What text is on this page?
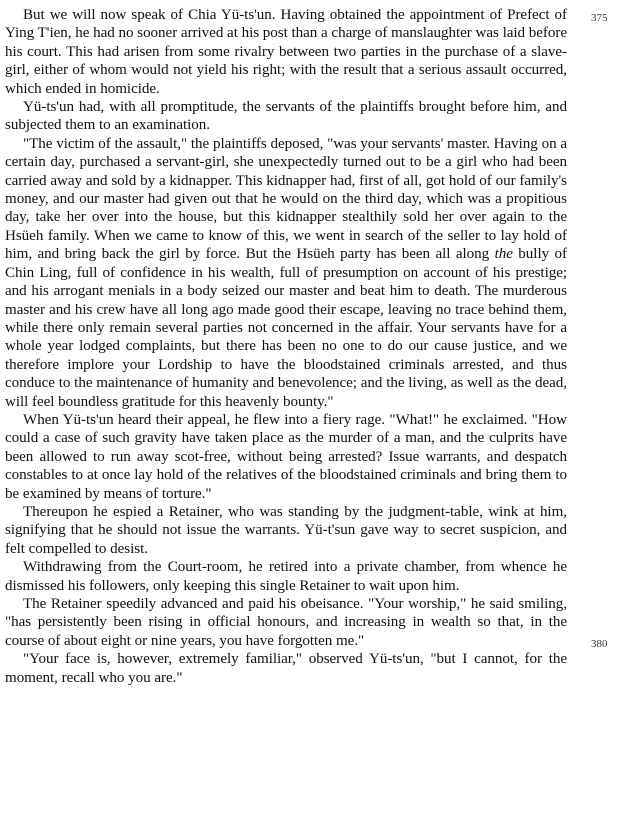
375
380

But we will now speak of Chia Yü-ts'un. Having obtained the appointment of Prefect of Ying T'ien, he had no sooner arrived at his post than a charge of manslaughter was laid before his court. This had arisen from some rivalry between two parties in the purchase of a slave-girl, either of whom would not yield his right; with the result that a serious assault occurred, which ended in homicide.

Yü-ts'un had, with all promptitude, the servants of the plaintiffs brought before him, and subjected them to an examination.

"The victim of the assault," the plaintiffs deposed, "was your servants' master. Having on a certain day, purchased a servant-girl, she unexpectedly turned out to be a girl who had been carried away and sold by a kidnapper. This kidnapper had, first of all, got hold of our family's money, and our master had given out that he would on the third day, which was a propitious day, take her over into the house, but this kidnapper stealthily sold her over again to the Hsüeh family. When we came to know of this, we went in search of the seller to lay hold of him, and bring back the girl by force. But the Hsüeh party has been all along the bully of Chin Ling, full of confidence in his wealth, full of presumption on account of his prestige; and his arrogant menials in a body seized our master and beat him to death. The murderous master and his crew have all long ago made good their escape, leaving no trace behind them, while there only remain several parties not concerned in the affair. Your servants have for a whole year lodged complaints, but there has been no one to do our cause justice, and we therefore implore your Lordship to have the bloodstained criminals arrested, and thus conduce to the maintenance of humanity and benevolence; and the living, as well as the dead, will feel boundless gratitude for this heavenly bounty."

When Yü-ts'un heard their appeal, he flew into a fiery rage. "What!" he exclaimed. "How could a case of such gravity have taken place as the murder of a man, and the culprits have been allowed to run away scot-free, without being arrested? Issue warrants, and despatch constables to at once lay hold of the relatives of the bloodstained criminals and bring them to be examined by means of torture."

Thereupon he espied a Retainer, who was standing by the judgment-table, wink at him, signifying that he should not issue the warrants. Yü-t'sun gave way to secret suspicion, and felt compelled to desist.

Withdrawing from the Court-room, he retired into a private chamber, from whence he dismissed his followers, only keeping this single Retainer to wait upon him.

The Retainer speedily advanced and paid his obeisance. "Your worship," he said smiling, "has persistently been rising in official honours, and increasing in wealth so that, in the course of about eight or nine years, you have forgotten me."

"Your face is, however, extremely familiar," observed Yü-ts'un, "but I cannot, for the moment, recall who you are."
